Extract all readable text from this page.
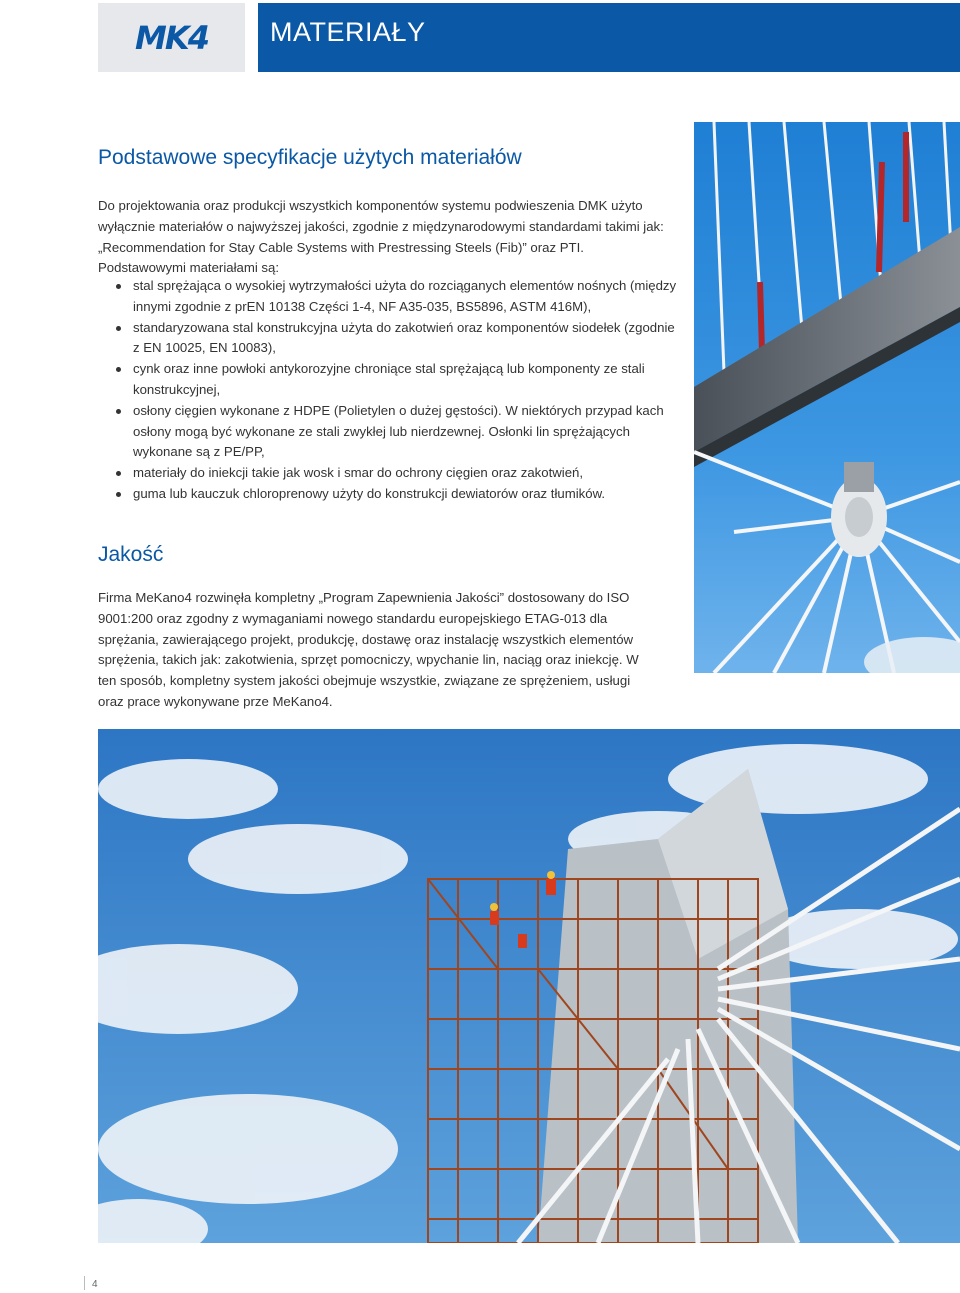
MK4 MATERIAŁY
Podstawowe specyfikacje użytych materiałów

Do projektowania oraz produkcji wszystkich komponentów systemu podwieszenia DMK użyto wyłącznie materiałów o najwyższej jakości, zgodnie z międzynarodowymi standardami takimi jak: „Recommendation for Stay Cable Systems with Prestressing Steels (Fib)” oraz PTI.

Podstawowymi materiałami są:

stal sprężająca o wysokiej wytrzymałości użyta do rozciąganych elementów nośnych (między innymi zgodnie z prEN 10138 Części 1-4, NF A35-035, BS5896, ASTM 416M),
standaryzowana stal konstrukcyjna użyta do zakotwień oraz komponentów siodełek (zgodnie z EN 10025, EN 10083),
cynk oraz inne powłoki antykorozyjne chroniące stal sprężającą lub komponenty ze stali konstrukcyjnej,
osłony cięgien wykonane z HDPE (Polietylen o dużej gęstości). W niektórych przypad kach osłony mogą być wykonane ze stali zwykłej lub nierdzewnej. Osłonki lin sprężających wykonane są z PE/PP,
materiały do iniekcji takie jak wosk i smar do ochrony cięgien oraz zakotwień,
guma lub kauczuk chloroprenowy użyty do konstrukcji dewiatorów oraz tłumików.
Jakość
Firma MeKano4 rozwinęła kompletny „Program Zapewnienia Jakości” dostosowany do ISO 9001:200 oraz zgodny z wymaganiami nowego standardu europejskiego ETAG-013 dla sprężania, zawierającego projekt, produkcję, dostawę oraz instalację wszystkich elementów sprężenia, takich jak: zakotwienia, sprzęt pomocniczy, wpychanie lin, naciąg oraz iniekcję. W ten sposób, kompletny system jakości obejmuje wszystkie, związane ze sprężeniem, usługi oraz prace wykonywane prze MeKano4.
4
